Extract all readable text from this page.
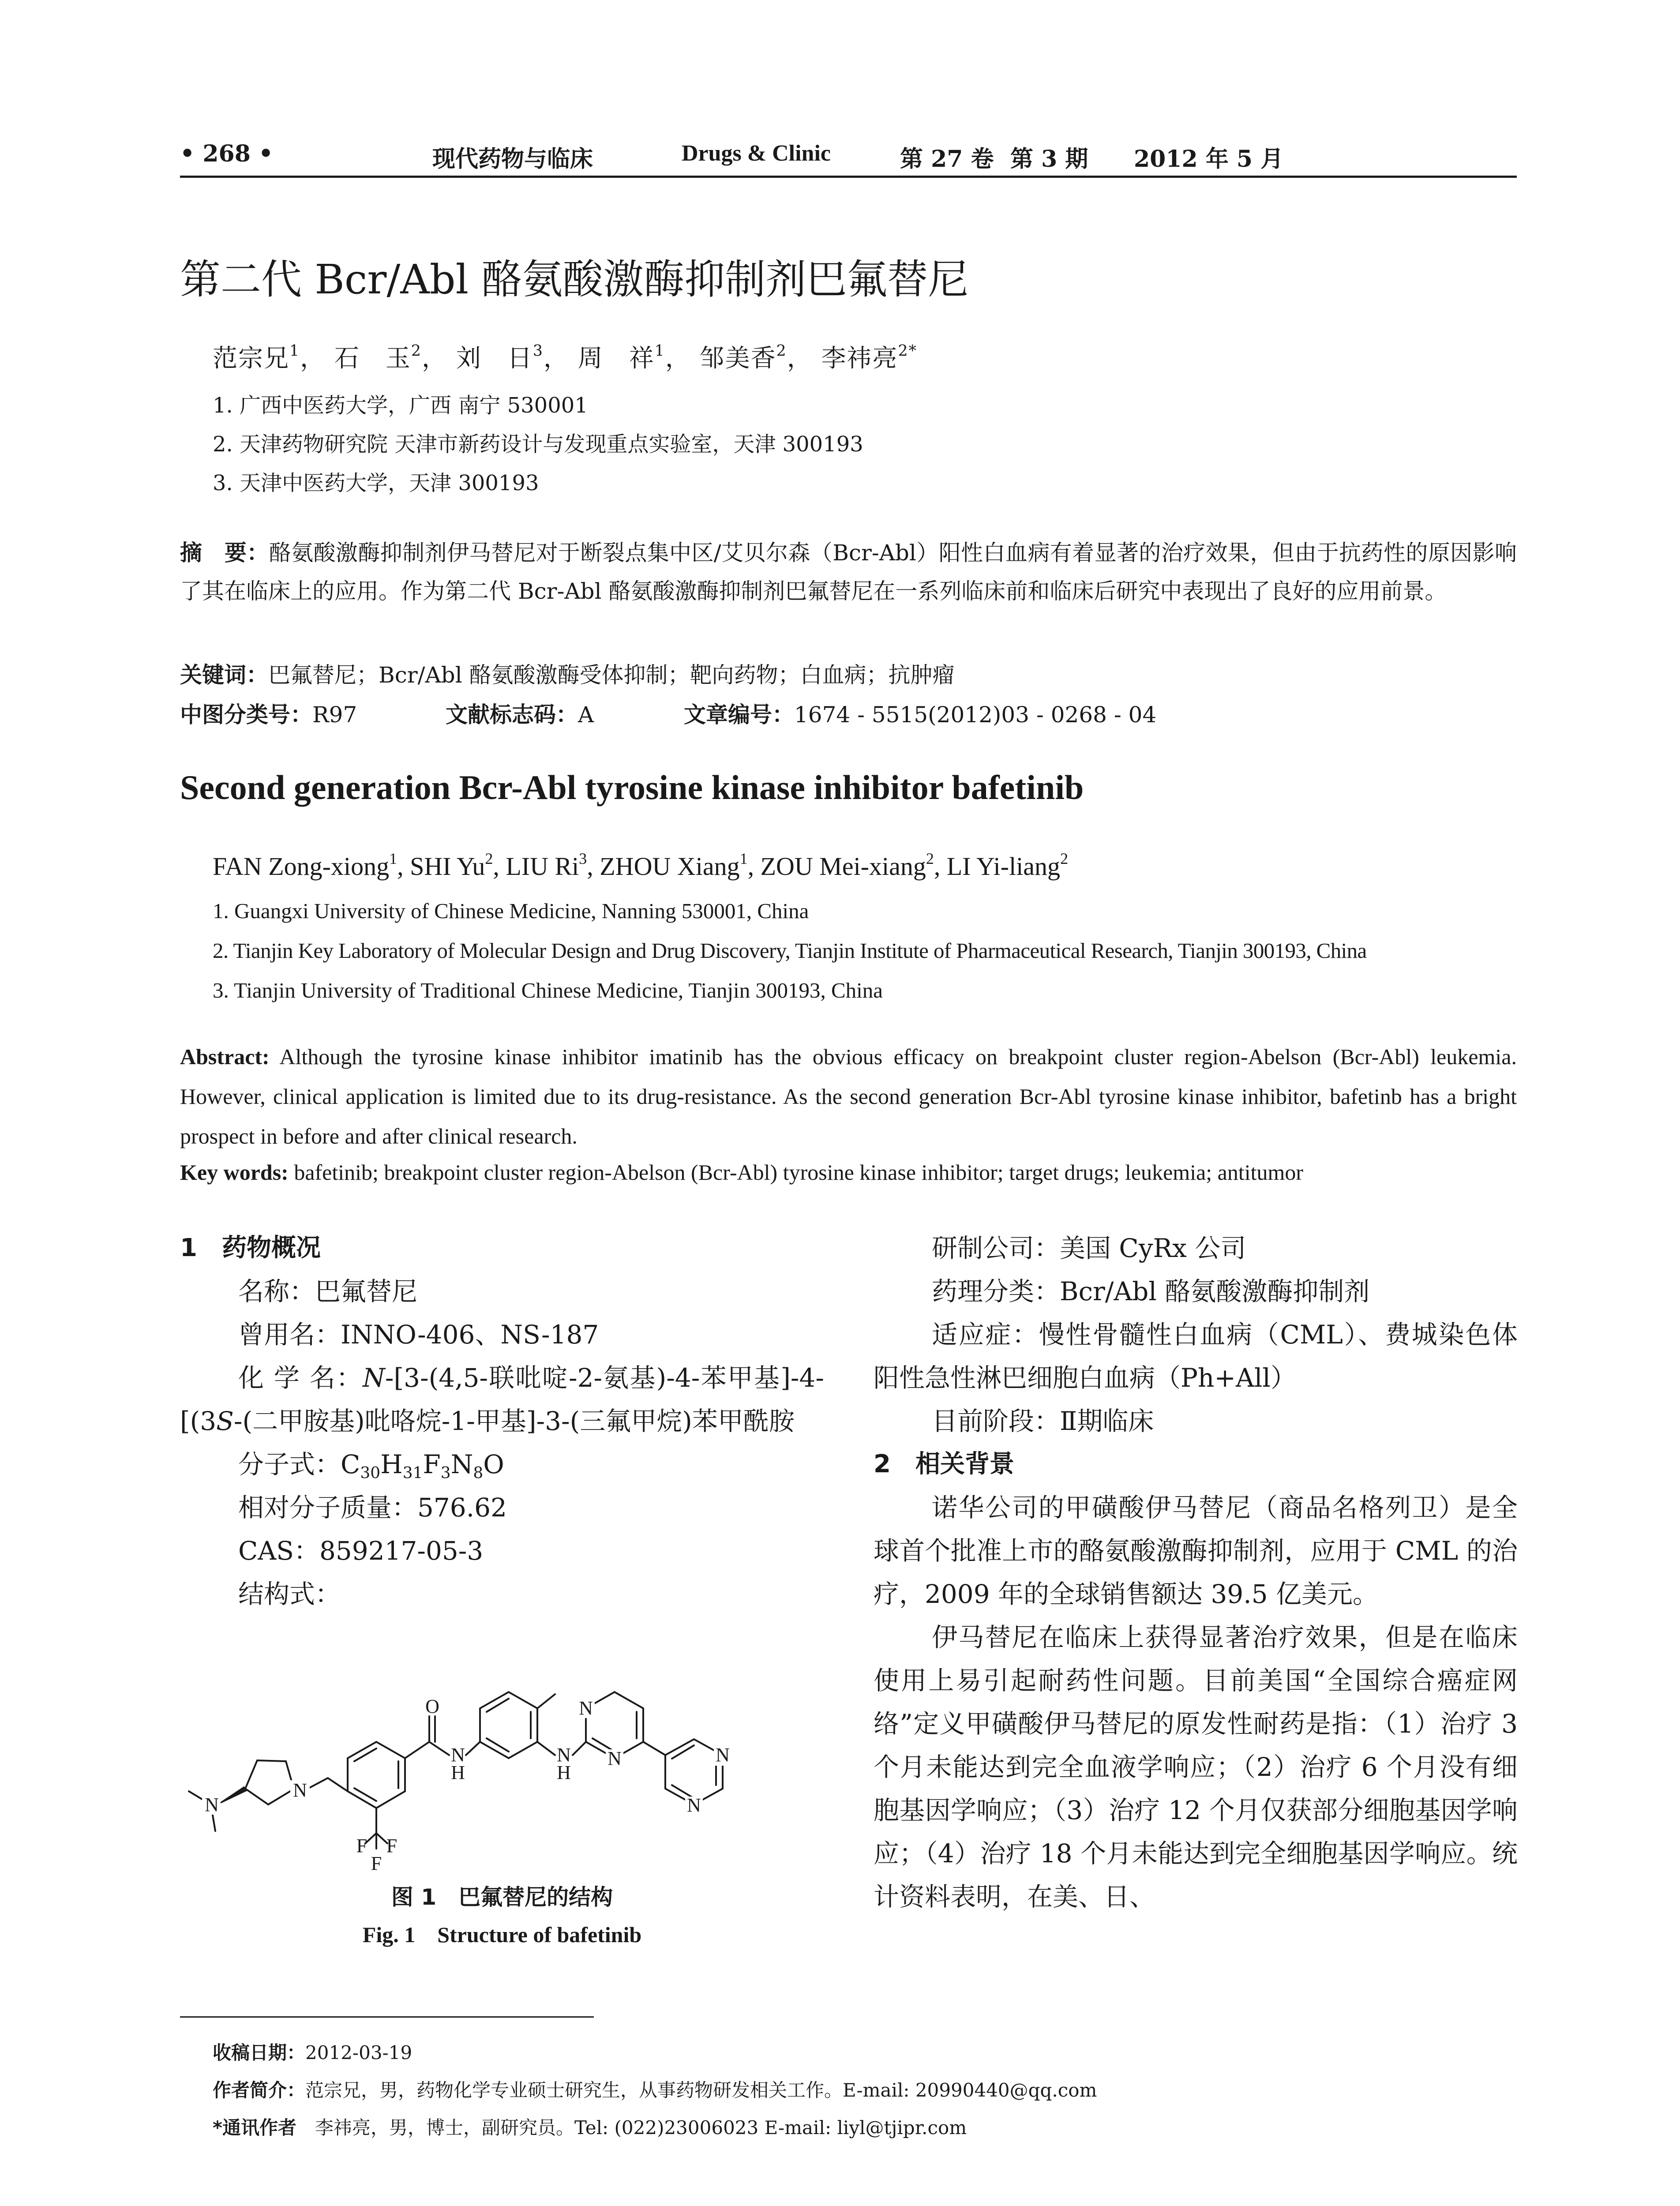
• 268 •	现代药物与临床	Drugs & Clinic	第 27 卷 第 3 期 2012 年 5 月
第二代 Bcr/Abl 酪氨酸激酶抑制剂巴氟替尼
范宗兄$^1$， 石　玉$^2$， 刘　日$^3$， 周　祥$^1$， 邹美香$^2$， 李祎亮$^{2*}$
1. 广西中医药大学，广西 南宁 530001
2. 天津药物研究院 天津市新药设计与发现重点实验室，天津 300193
3. 天津中医药大学，天津 300193
摘　要：酪氨酸激酶抑制剂伊马替尼对于断裂点集中区/艾贝尔森（Bcr-Abl）阳性白血病有着显著的治疗效果，但由于抗药性的原因影响了其在临床上的应用。作为第二代 Bcr-Abl 酪氨酸激酶抑制剂巴氟替尼在一系列临床前和临床后研究中表现出了良好的应用前景。
关键词：巴氟替尼；Bcr/Abl 酪氨酸激酶受体抑制；靶向药物；白血病；抗肿瘤
中图分类号：R97	文献标志码：A	文章编号：1674 - 5515(2012)03 - 0268 - 04
Second generation Bcr-Abl tyrosine kinase inhibitor bafetinib
FAN Zong-xiong$^1$, SHI Yu$^2$, LIU Ri$^3$, ZHOU Xiang$^1$, ZOU Mei-xiang$^2$, LI Yi-liang$^2$
1. Guangxi University of Chinese Medicine, Nanning 530001, China
2. Tianjin Key Laboratory of Molecular Design and Drug Discovery, Tianjin Institute of Pharmaceutical Research, Tianjin 300193, China
3. Tianjin University of Traditional Chinese Medicine, Tianjin 300193, China
Abstract: Although the tyrosine kinase inhibitor imatinib has the obvious efficacy on breakpoint cluster region-Abelson (Bcr-Abl) leukemia. However, clinical application is limited due to its drug-resistance. As the second generation Bcr-Abl tyrosine kinase inhibitor, bafetinb has a bright prospect in before and after clinical research.
Key words: bafetinib; breakpoint cluster region-Abelson (Bcr-Abl) tyrosine kinase inhibitor; target drugs; leukemia; antitumor
1　药物概况
名称：巴氟替尼
曾用名：INNO-406、NS-187
化 学 名：N-[3-(4,5-联吡啶-2-氨基)-4-苯甲基]-4-[(3S-(二甲胺基)吡咯烷-1-甲基]-3-(三氟甲烷)苯甲酰胺
分子式：$C_{30}H_{31}F_3N_8O$
相对分子质量：576.62
CAS：859217-05-3
结构式：
N
N
O
N
H
N
H
N
N	N
N
F F
F
图 1　巴氟替尼的结构
Fig. 1　Structure of bafetinib
研制公司：美国 CyRx 公司
药理分类：Bcr/Abl 酪氨酸激酶抑制剂
适应症：慢性骨髓性白血病（CML）、费城染色体阳性急性淋巴细胞白血病（Ph+All）
目前阶段：Ⅱ期临床
2　相关背景
诺华公司的甲磺酸伊马替尼（商品名格列卫）是全球首个批准上市的酪氨酸激酶抑制剂，应用于 CML 的治疗，2009 年的全球销售额达 39.5 亿美元。
伊马替尼在临床上获得显著治疗效果，但是在临床使用上易引起耐药性问题。目前美国“全国综合癌症网络”定义甲磺酸伊马替尼的原发性耐药是指：（1）治疗 3 个月未能达到完全血液学响应；（2）治疗 6 个月没有细胞基因学响应；（3）治疗 12 个月仅获部分细胞基因学响应；（4）治疗 18 个月未能达到完全细胞基因学响应。统计资料表明，在美、日、
收稿日期：2012-03-19
作者简介：范宗兄，男，药物化学专业硕士研究生，从事药物研发相关工作。E-mail: 20990440@qq.com
*通讯作者　 李祎亮，男，博士，副研究员。Tel: (022)23006023 E-mail: liyl@tjipr.com
